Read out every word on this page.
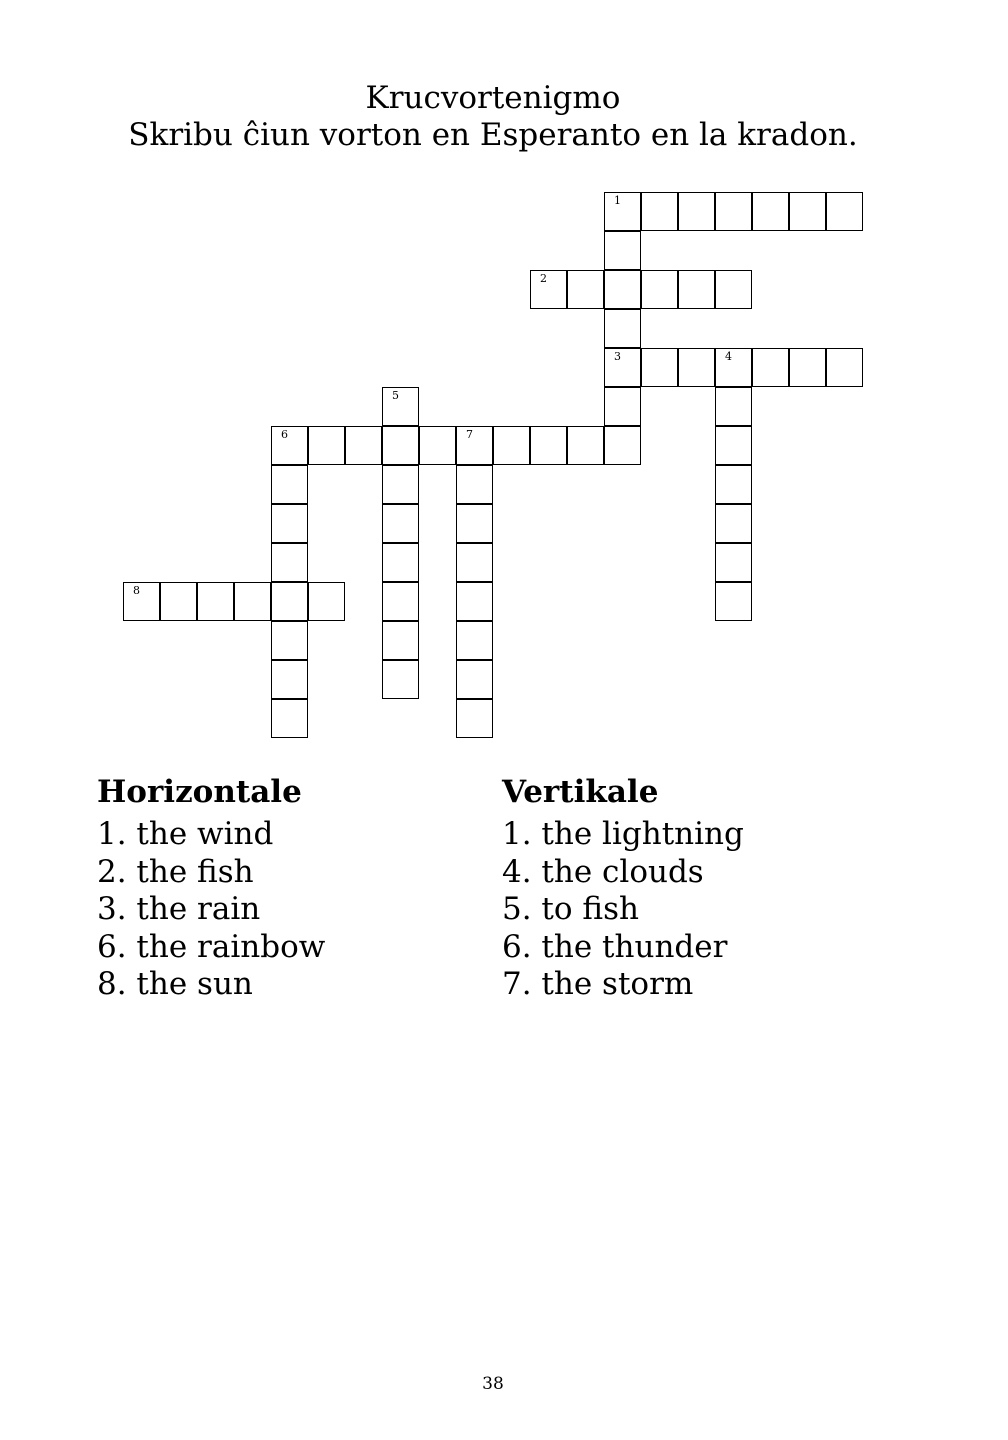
Krucvortenigmo
Skribu ĉiun vorton en Esperanto en la kradon.
1
2
3	4
6	7
8
5
Horizontale
1. the wind
2. the fish
3. the rain
6. the rainbow
8. the sun
Vertikale
1. the lightning
4. the clouds
5. to fish
6. the thunder
7. the storm
38
